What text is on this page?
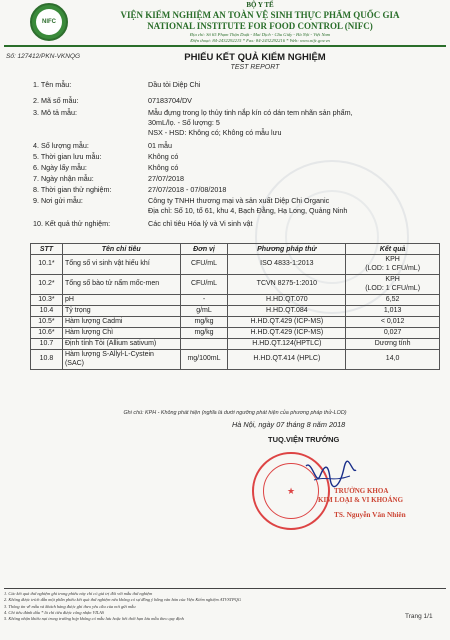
NIFC
BỘ Y TẾ
VIỆN KIỂM NGHIỆM AN TOÀN VỆ SINH THỰC PHẨM QUỐC GIA
NATIONAL INSTITUTE FOR FOOD CONTROL (NIFC)
Địa chỉ: Số 65 Phạm Thận Duật - Mai Dịch - Cầu Giấy - Hà Nội - Việt Nam
Điện thoại: 84-2432292215 * Fax: 84-2432292216 * Web: www.nifc.gov.vn
Số: 127412/PKN-VKNQG	PHIẾU KẾT QUẢ KIỂM NGHIỆM
TEST REPORT
1. Tên mẫu:	Dầu tỏi Diệp Chi
2. Mã số mẫu:	07183704/DV
3. Mô tả mẫu:	Mẫu đựng trong lọ thủy tinh nắp kín có dán tem nhãn sản phẩm,
30mL/lọ. - Số lượng: 5
NSX - HSD: Không có; Không có mẫu lưu
4. Số lượng mẫu:	01 mẫu
5. Thời gian lưu mẫu:	Không có
6. Ngày lấy mẫu:	Không có
7. Ngày nhận mẫu:	27/07/2018
8. Thời gian thử nghiệm:	27/07/2018 - 07/08/2018
9. Nơi gửi mẫu:	Công ty TNHH thương mại và sản xuất Diệp Chi Organic
Địa chỉ: Số 10, tổ 61, khu 4, Bạch Đằng, Hạ Long, Quảng Ninh
10. Kết quả thử nghiệm:	Các chỉ tiêu Hóa lý và Vi sinh vật
STT	Tên chỉ tiêu	Đơn vị	Phương pháp thử	Kết quả
10.1*	Tổng số vi sinh vật hiếu khí	CFU/mL	ISO 4833-1:2013	KPH
(LOD: 1 CFU/mL)

10.2*	Tổng số bào tử nấm mốc-men	CFU/mL	TCVN 8275-1:2010	KPH
(LOD: 1 CFU/mL)

10.3*	pH	-	H.HD.QT.070	6,52
10.4	Tỷ trọng	g/mL	H.HD.QT.084	1,013
10.5*	Hàm lượng Cadmi	mg/kg	H.HD.QT.429 (ICP-MS)	< 0,012
10.6*	Hàm lượng Chì	mg/kg	H.HD.QT.429 (ICP-MS)	0,027
10.7	Định tính Tỏi (Allium sativum)		H.HD.QT.124(HPTLC)	Dương tính
10.8	Hàm lượng S-Allyl-L-Cystein
(SAC)	mg/100mL	H.HD.QT.414 (HPLC)	14,0
Ghi chú: KPH - Không phát hiện (nghĩa là dưới ngưỡng phát hiện của phương pháp thử-LOD)
Hà Nội, ngày 07 tháng 8 năm 2018
TUQ.VIỆN TRƯỞNG
★	TRƯỞNG KHOA
KIM LOẠI & VI KHOÁNG
TS. Nguyễn Văn Nhiên
1. Các kết quả thử nghiệm ghi trong phiếu này chỉ có giá trị đối với mẫu thử nghiệm
2. Không được trích dẫn một phần phiếu kết quả thử nghiệm nếu không có sự đồng ý bằng văn bản của Viện Kiểm nghiệm ATVSTPQG
3. Thông tin về mẫu và khách hàng được ghi theo yêu cầu của nơi gửi mẫu
4. Chỉ tiêu đánh dấu * là chỉ tiêu được công nhận VILAS
5. Không nhận khiếu nại trong trường hợp không có mẫu lưu hoặc hết thời hạn lưu mẫu theo quy định	Trang 1/1
